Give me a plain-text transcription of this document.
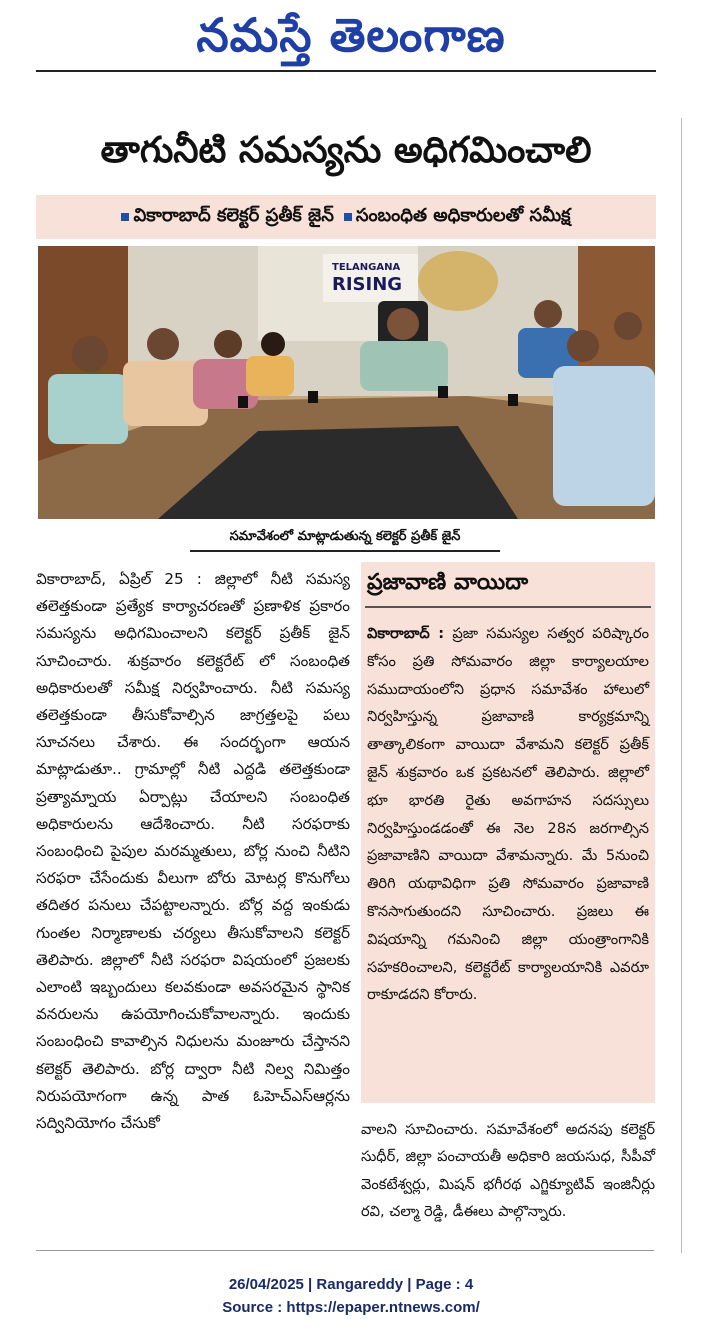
నమస్తే తెలంగాణ
తాగునీటి సమస్యను అధిగమించాలి
వికారాబాద్ కలెక్టర్ ప్రతీక్ జైన్	సంబంధిత అధికారులతో సమీక్ష
TELANGANA
RISING
సమావేశంలో మాట్లాడుతున్న కలెక్టర్ ప్రతీక్ జైన్

వికారాబాద్, ఏప్రిల్ 25 : జిల్లాలో నీటి సమస్య తలెత్తకుండా ప్రత్యేక కార్యాచరణతో ప్రణాళిక ప్రకారం సమస్యను అధిగమించాలని కలెక్టర్ ప్రతీక్ జైన్ సూచించారు. శుక్రవారం కలెక్టరేట్ లో సంబంధిత అధికారులతో సమీక్ష నిర్వహించారు. నీటి సమస్య తలెత్తకుండా తీసుకోవాల్సిన జాగ్రత్తలపై పలు సూచనలు చేశారు. ఈ సందర్భంగా ఆయన మాట్లాడుతూ.. గ్రామాల్లో నీటి ఎద్దడి తలెత్తకుండా ప్రత్యామ్నాయ ఏర్పాట్లు చేయాలని సంబంధిత అధికారులను ఆదేశించారు. నీటి సరఫరాకు సంబంధించి పైపుల మరమ్మతులు, బోర్ల నుంచి నీటిని సరఫరా చేసేందుకు వీలుగా బోరు మోటర్ల కొనుగోలు తదితర పనులు చేపట్టాలన్నారు. బోర్ల వద్ద ఇంకుడు గుంతల నిర్మాణాలకు చర్యలు తీసుకోవాలని కలెక్టర్ తెలిపారు. జిల్లాలో నీటి సరఫరా విషయంలో ప్రజలకు ఎలాంటి ఇబ్బందులు కలవకుండా అవసరమైన స్థానిక వనరులను ఉపయోగించుకోవాలన్నారు. ఇందుకు సంబంధించి కావాల్సిన నిధులను మంజూరు చేస్తానని కలెక్టర్ తెలిపారు. బోర్ల ద్వారా నీటి నిల్వ నిమిత్తం నిరుపయోగంగా ఉన్న పాత ఓహెచ్ఎస్ఆర్లను సద్వినియోగం చేసుకో

ప్రజావాణి వాయిదా
వికారాబాద్ : ప్రజా సమస్యల సత్వర పరిష్కారం కోసం ప్రతి సోమవారం జిల్లా కార్యాలయాల సముదాయంలోని ప్రధాన సమావేశం హాలులో నిర్వహిస్తున్న ప్రజావాణి కార్యక్రమాన్ని తాత్కాలికంగా వాయిదా వేశామని కలెక్టర్ ప్రతీక్ జైన్ శుక్రవారం ఒక ప్రకటనలో తెలిపారు. జిల్లాలో భూ భారతి రైతు అవగాహన సదస్సులు నిర్వహిస్తుండడంతో ఈ నెల 28న జరగాల్సిన ప్రజావాణిని వాయిదా వేశామన్నారు. మే 5నుంచి తిరిగి యథావిధిగా ప్రతి సోమవారం ప్రజావాణి కొనసాగుతుందని సూచించారు. ప్రజలు ఈ విషయాన్ని గమనించి జిల్లా యంత్రాంగానికి సహకరించాలని, కలెక్టరేట్ కార్యాలయానికి ఎవరూ రాకూడదని కోరారు.

వాలని సూచించారు. సమావేశంలో అదనపు కలెక్టర్ సుధీర్, జిల్లా పంచాయతీ అధికారి జయసుధ, సీపీవో వెంకటేశ్వర్లు, మిషన్ భగీరథ ఎగ్జిక్యూటివ్ ఇంజినీర్లు రవి, చల్మా రెడ్డి, డీఈలు పాల్గొన్నారు.

26/04/2025 | Rangareddy | Page : 4
Source : https://epaper.ntnews.com/
